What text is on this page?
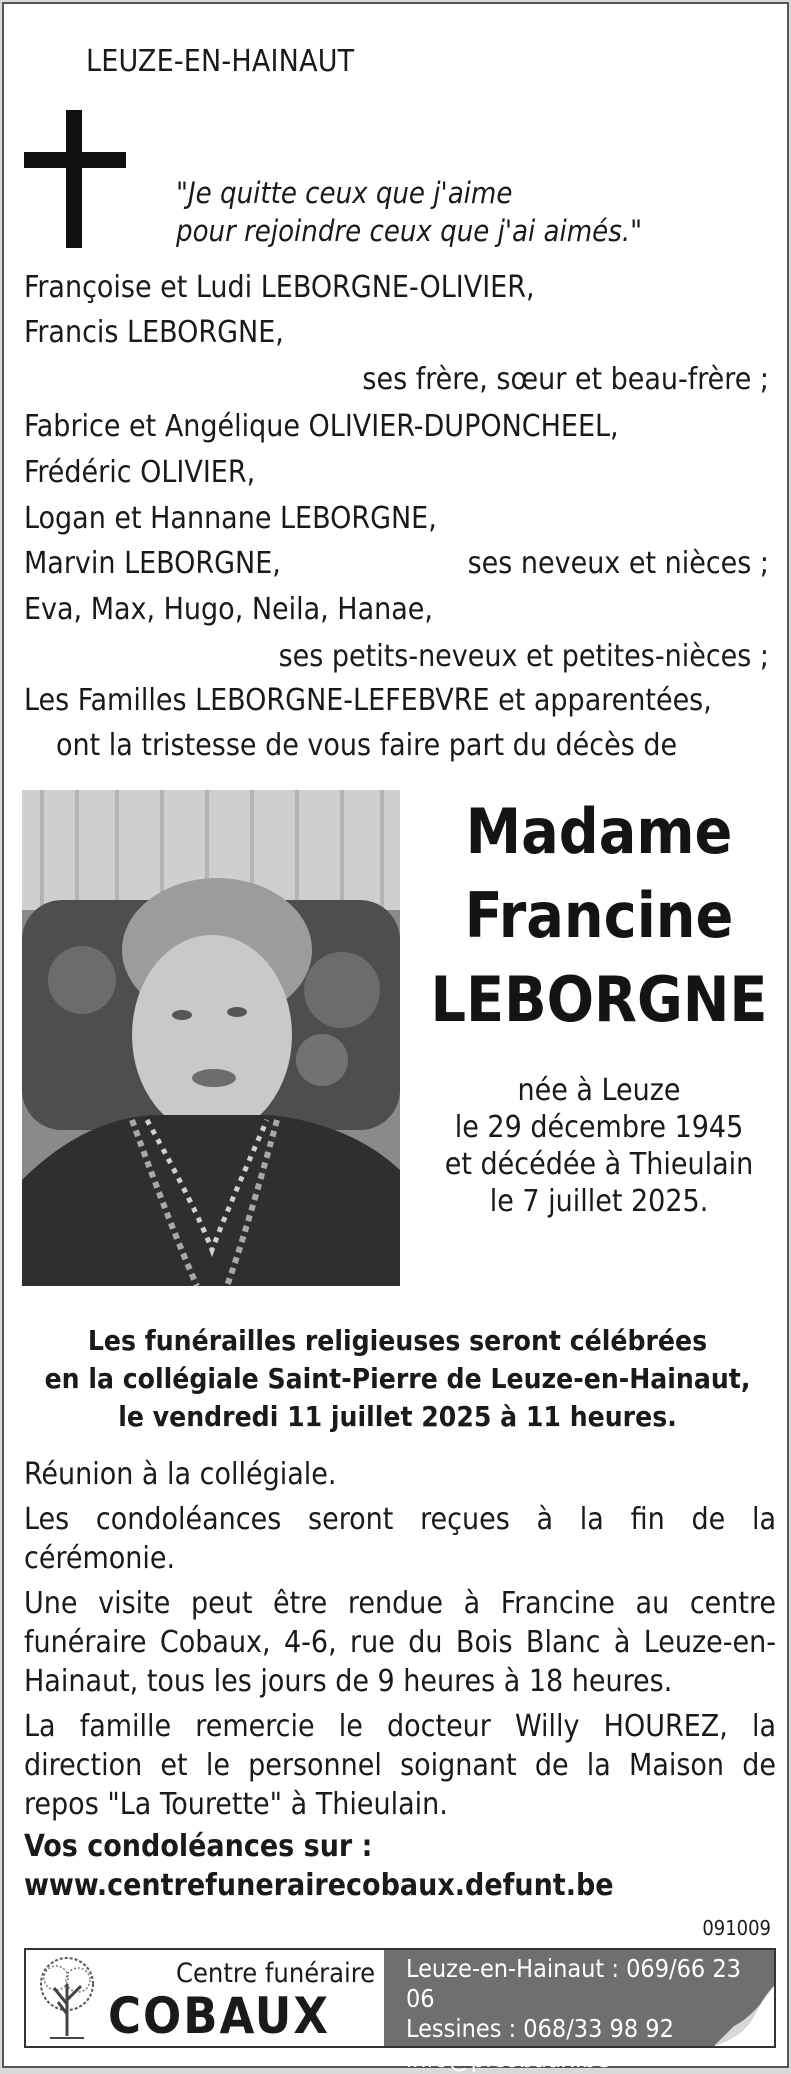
LEUZE-EN-HAINAUT
"Je quitte ceux que j'aime
pour rejoindre ceux que j'ai aimés."
Françoise et Ludi LEBORGNE-OLIVIER,
Francis LEBORGNE,
ses frère, sœur et beau-frère ;
Fabrice et Angélique OLIVIER-DUPONCHEEL,
Frédéric OLIVIER,
Logan et Hannane LEBORGNE,
Marvin LEBORGNE,	ses neveux et nièces ;
Eva, Max, Hugo, Neila, Hanae,
ses petits-neveux et petites-nièces ;
Les Familles LEBORGNE-LEFEBVRE et apparentées,
ont la tristesse de vous faire part du décès de
Madame
Francine
LEBORGNE
née à Leuze
le 29 décembre 1945
et décédée à Thieulain
le 7 juillet 2025.
Les funérailles religieuses seront célébrées
en la collégiale Saint-Pierre de Leuze-en-Hainaut,
le vendredi 11 juillet 2025 à 11 heures.
Réunion à la collégiale.
Les condoléances seront reçues à la fin de la cérémonie.
Une visite peut être rendue à Francine au centre funéraire Cobaux, 4-6, rue du Bois Blanc à Leuze-en-Hainaut, tous les jours de 9 heures à 18 heures.
La famille remercie le docteur Willy HOUREZ, la direction et le personnel soignant de la Maison de repos "La Tourette" à Thieulain.
Vos condoléances sur :
www.centrefunerairecobaux.defunt.be
091009
Centre funéraire
COBAUX
Leuze-en-Hainaut : 069/66 23 06
Lessines : 068/33 98 92
info@pfcobaux.be
